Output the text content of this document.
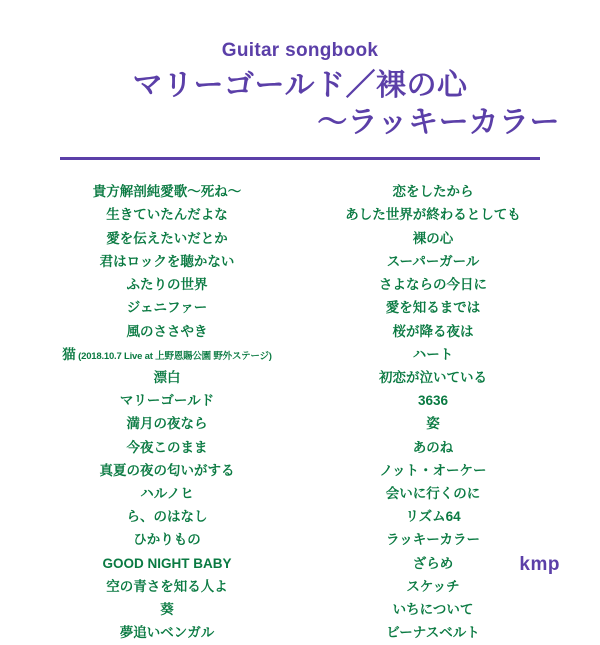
Guitar songbook
マリーゴールド／裸の心
〜ラッキーカラー
貴方解剖純愛歌〜死ね〜
生きていたんだよな
愛を伝えたいだとか
君はロックを聴かない
ふたりの世界
ジェニファー
風のささやき
猫 (2018.10.7 Live at 上野恩賜公園 野外ステージ)
漂白
マリーゴールド
満月の夜なら
今夜このまま
真夏の夜の匂いがする
ハルノヒ
ら、のはなし
ひかりもの
GOOD NIGHT BABY
空の青さを知る人よ
葵
夢追いベンガル
恋をしたから
あした世界が終わるとしても
裸の心
スーパーガール
さよならの今日に
愛を知るまでは
桜が降る夜は
ハート
初恋が泣いている
3636
姿
あのね
ノット・オーケー
会いに行くのに
リズム64
ラッキーカラー
ざらめ
スケッチ
いちについて
ビーナスベルト
kmp
